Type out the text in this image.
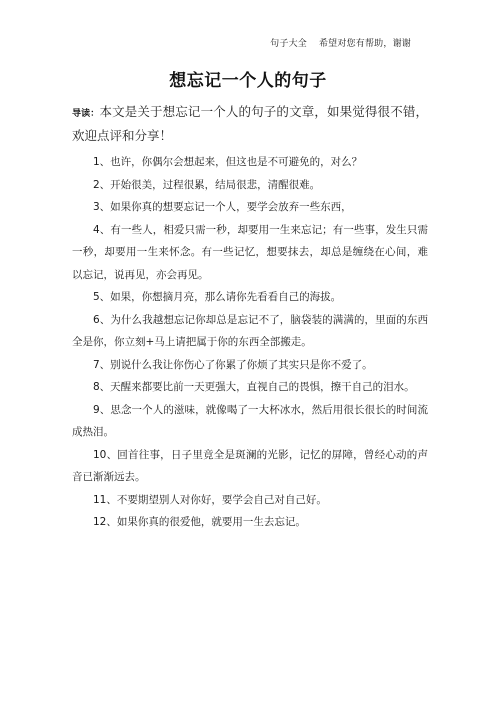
句子大全 希望对您有帮助，谢谢
想忘记一个人的句子
导读：本文是关于想忘记一个人的句子的文章，如果觉得很不错，欢迎点评和分享！
1、也许，你偶尔会想起来，但这也是不可避免的，对么？
2、开始很美，过程很累，结局很悲，清醒很难。
3、如果你真的想要忘记一个人，要学会放弃一些东西，
4、有一些人，相爱只需一秒，却要用一生来忘记；有一些事，发生只需一秒，却要用一生来怀念。有一些记忆，想要抹去，却总是缠绕在心间，难以忘记，说再见，亦会再见。
5、如果，你想摘月亮，那么请你先看看自己的海拔。
6、为什么我越想忘记你却总是忘记不了，脑袋装的满满的，里面的东西全是你，你立刻+马上请把属于你的东西全部搬走。
7、别说什么我让你伤心了你累了你烦了其实只是你不爱了。
8、天醒来都要比前一天更强大，直视自己的畏惧，擦干自己的泪水。
9、思念一个人的滋味，就像喝了一大杯冰水，然后用很长很长的时间流成热泪。
10、回首往事，日子里竟全是斑澜的光影，记忆的屏障，曾经心动的声音已渐渐远去。
11、不要期望别人对你好，要学会自己对自己好。
12、如果你真的很爱他，就要用一生去忘记。
